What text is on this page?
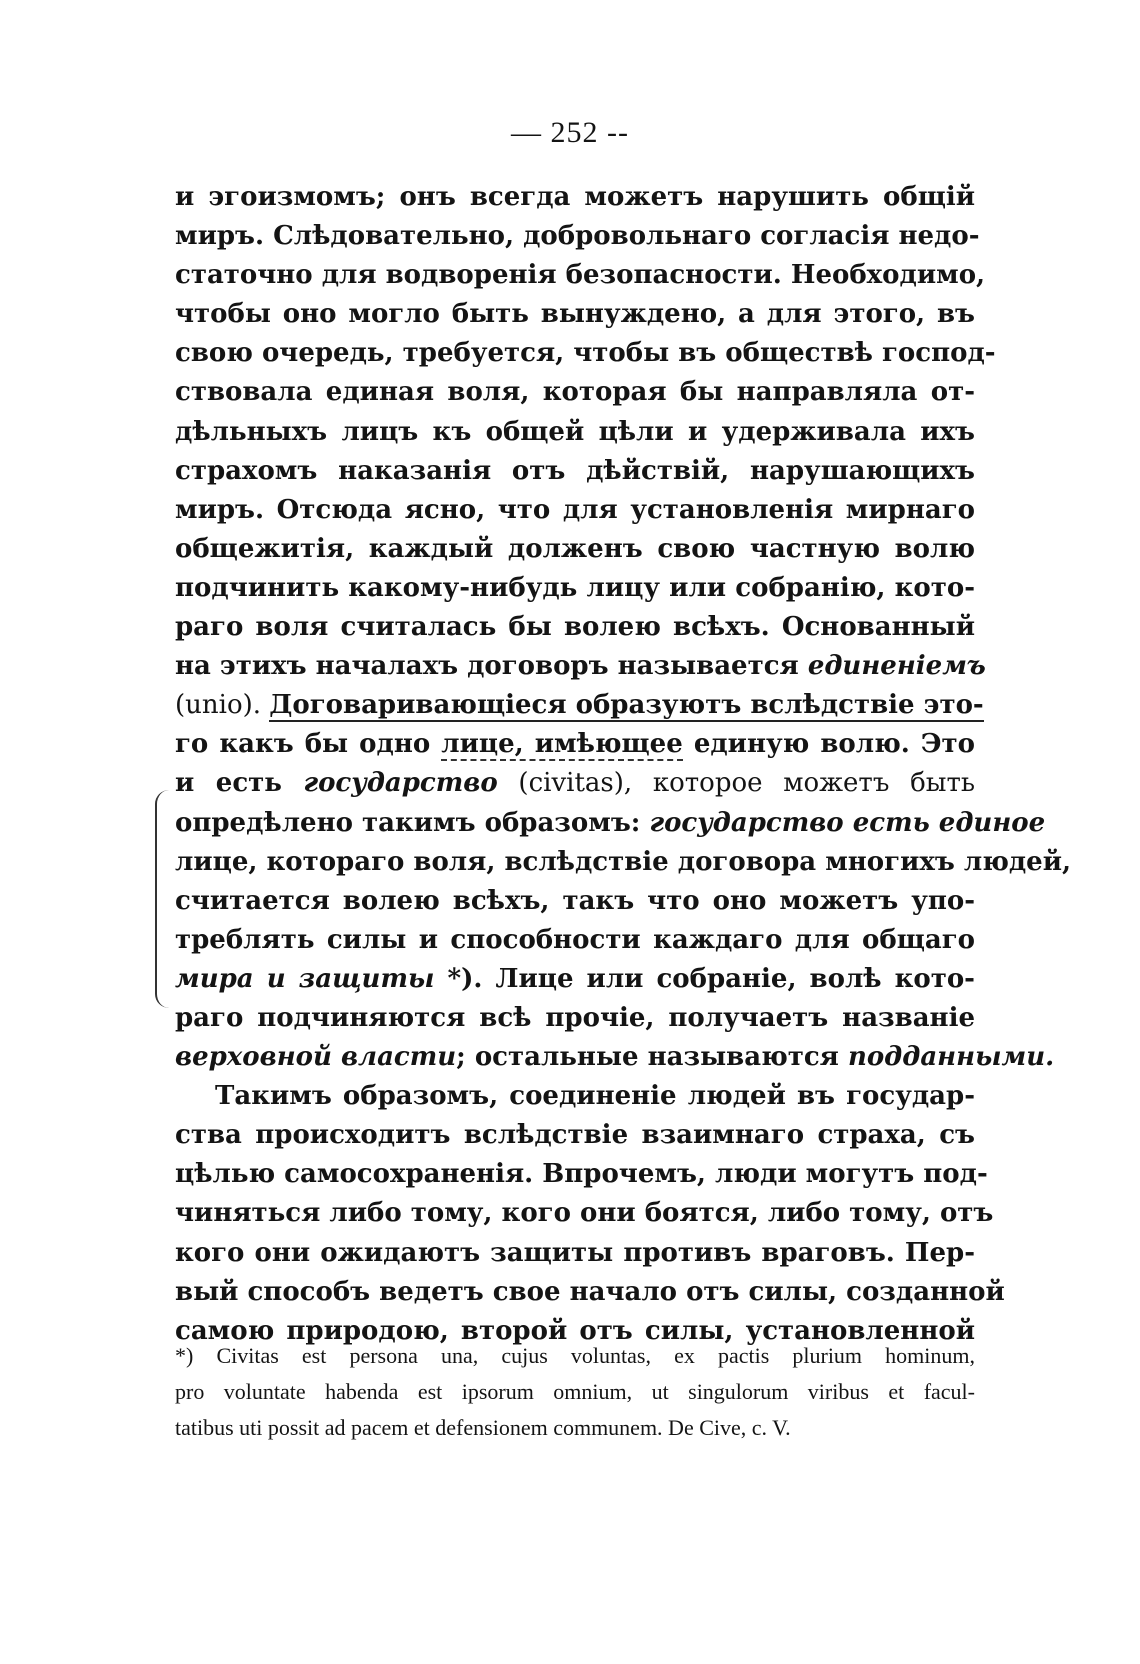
— 252 --
и эгоизмомъ; онъ всегда можетъ нарушить общій
миръ. Слѣдовательно, добровольнаго согласія недо-
статочно для водворенія безопасности. Необходимо,
чтобы оно могло быть вынуждено, а для этого, въ
свою очередь, требуется, чтобы въ обществѣ господ-
ствовала единая воля, которая бы направляла от-
дѣльныхъ лицъ къ общей цѣли и удерживала ихъ
страхомъ наказанія отъ дѣйствій, нарушающихъ
миръ. Отсюда ясно, что для установленія мирнаго
общежитія, каждый долженъ свою частную волю
подчинить какому-нибудь лицу или собранію, кото-
раго воля считалась бы волею всѣхъ. Основанный
на этихъ началахъ договоръ называется единеніемъ
(unio). Договаривающіеся образуютъ вслѣдствіе это-
го какъ бы одно лице, имѣющее единую волю. Это
и есть государство (civitas), которое можетъ быть
опредѣлено такимъ образомъ: государство есть единое
лице, котораго воля, вслѣдствіе договора многихъ людей,
считается волею всѣхъ, такъ что оно можетъ упо-
треблять силы и способности каждаго для общаго
мира и защиты *). Лице или собраніе, волѣ кото-
раго подчиняются всѣ прочіе, получаетъ названіе
верховной власти; остальные называются подданными.
Такимъ образомъ, соединеніе людей въ государ-
ства происходитъ вслѣдствіе взаимнаго страха, съ
цѣлью самосохраненія. Впрочемъ, люди могутъ под-
чиняться либо тому, кого они боятся, либо тому, отъ
кого они ожидаютъ защиты противъ враговъ. Пер-
вый способъ ведетъ свое начало отъ силы, созданной
самою природою, второй отъ силы, установленной
*) Civitas est persona una, cujus voluntas, ex pactis plurium hominum,
pro voluntate habenda est ipsorum omnium, ut singulorum viribus et facul-
tatibus uti possit ad pacem et defensionem communem. De Cive, c. V.
